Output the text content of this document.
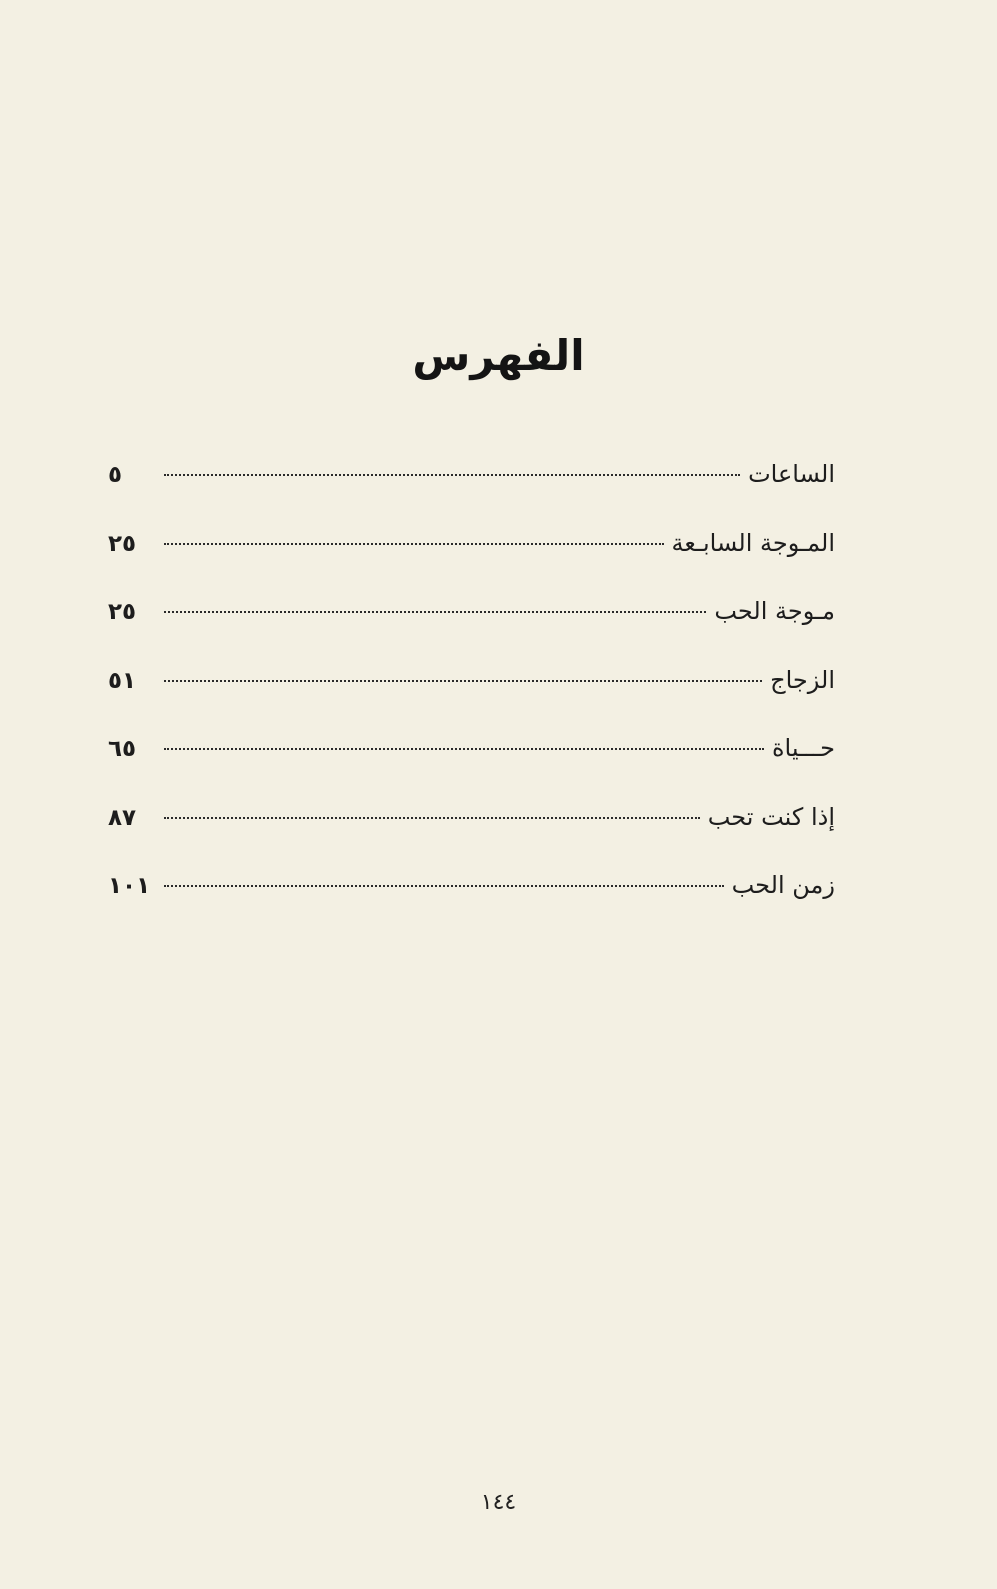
الفهرس
الساعات
٥
المـوجة السابـعة
٢٥
مـوجة الحب
٢٥
الزجاج
٥١
حـــياة
٦٥
إذا كنت تحب
٨٧
زمن الحب
١٠١
١٤٤
